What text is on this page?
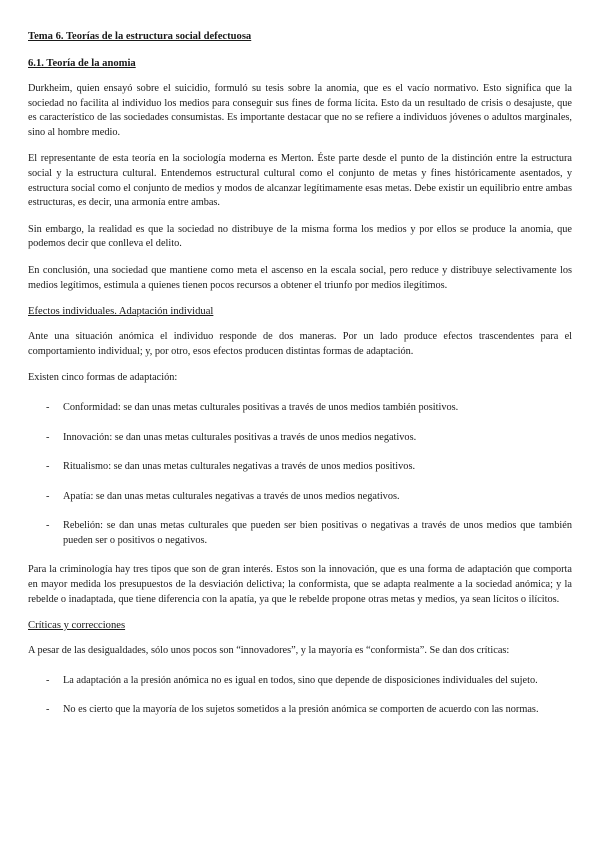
Tema 6. Teorías de la estructura social defectuosa
6.1. Teoría de la anomia

Durkheim, quien ensayó sobre el suicidio, formuló su tesis sobre la anomia, que es el vacío normativo. Esto significa que la sociedad no facilita al individuo los medios para conseguir sus fines de forma lícita. Esto da un resultado de crisis o desajuste, que es característico de las sociedades consumistas. Es importante destacar que no se refiere a individuos jóvenes o adultos marginales, sino al hombre medio.

El representante de esta teoría en la sociología moderna es Merton. Éste parte desde el punto de la distinción entre la estructura social y la estructura cultural. Entendemos estructural cultural como el conjunto de metas y fines históricamente asentados, y estructura social como el conjunto de medios y modos de alcanzar legítimamente esas metas. Debe existir un equilibrio entre ambas estructuras, es decir, una armonía entre ambas.

Sin embargo, la realidad es que la sociedad no distribuye de la misma forma los medios y por ellos se produce la anomia, que podemos decir que conlleva el delito.

En conclusión, una sociedad que mantiene como meta el ascenso en la escala social, pero reduce y distribuye selectivamente los medios legítimos, estimula a quienes tienen pocos recursos a obtener el triunfo por medios ilegítimos.

Efectos individuales. Adaptación individual

Ante una situación anómica el individuo responde de dos maneras. Por un lado produce efectos trascendentes para el comportamiento individual; y, por otro, esos efectos producen distintas formas de adaptación.

Existen cinco formas de adaptación:

- Conformidad: se dan unas metas culturales positivas a través de unos medios también positivos.
- Innovación: se dan unas metas culturales positivas a través de unos medios negativos.
- Ritualismo: se dan unas metas culturales negativas a través de unos medios positivos.
- Apatía: se dan unas metas culturales negativas a través de unos medios negativos.
- Rebelión: se dan unas metas culturales que pueden ser bien positivas o negativas a través de unos medios que también pueden ser o positivos o negativos.

Para la criminología hay tres tipos que son de gran interés. Estos son la innovación, que es una forma de adaptación que comporta en mayor medida los presupuestos de la desviación delictiva; la conformista, que se adapta realmente a la sociedad anómica; y la rebelde o inadaptada, que tiene diferencia con la apatía, ya que le rebelde propone otras metas y medios, ya sean lícitos o ilícitos.

Críticas y correcciones

A pesar de las desigualdades, sólo unos pocos son “innovadores”, y la mayoría es “conformista”. Se dan dos críticas:

- La adaptación a la presión anómica no es igual en todos, sino que depende de disposiciones individuales del sujeto.
- No es cierto que la mayoría de los sujetos sometidos a la presión anómica se comporten de acuerdo con las normas.
